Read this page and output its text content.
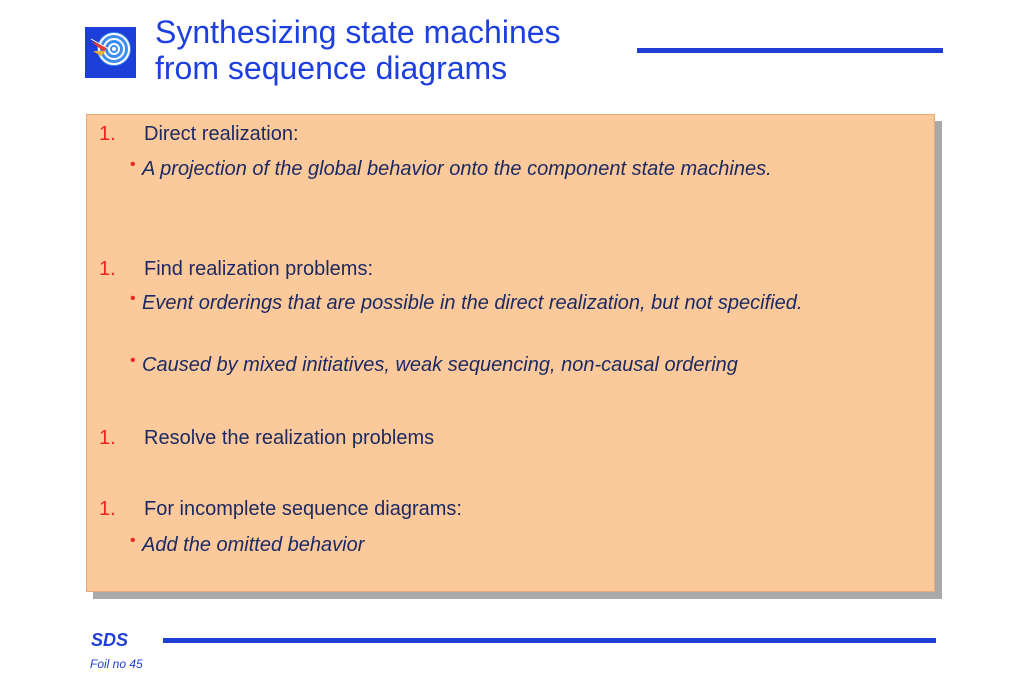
Synthesizing state machines
from sequence diagrams
1. Direct realization:
• A projection of the global behavior onto the component state machines.
1. Find realization problems:
• Event orderings that are possible in the direct realization, but not specified.
• Caused by mixed initiatives, weak sequencing, non-causal ordering
1. Resolve the realization problems
1. For incomplete sequence diagrams:
• Add the omitted behavior
SDS
Foil no 45
